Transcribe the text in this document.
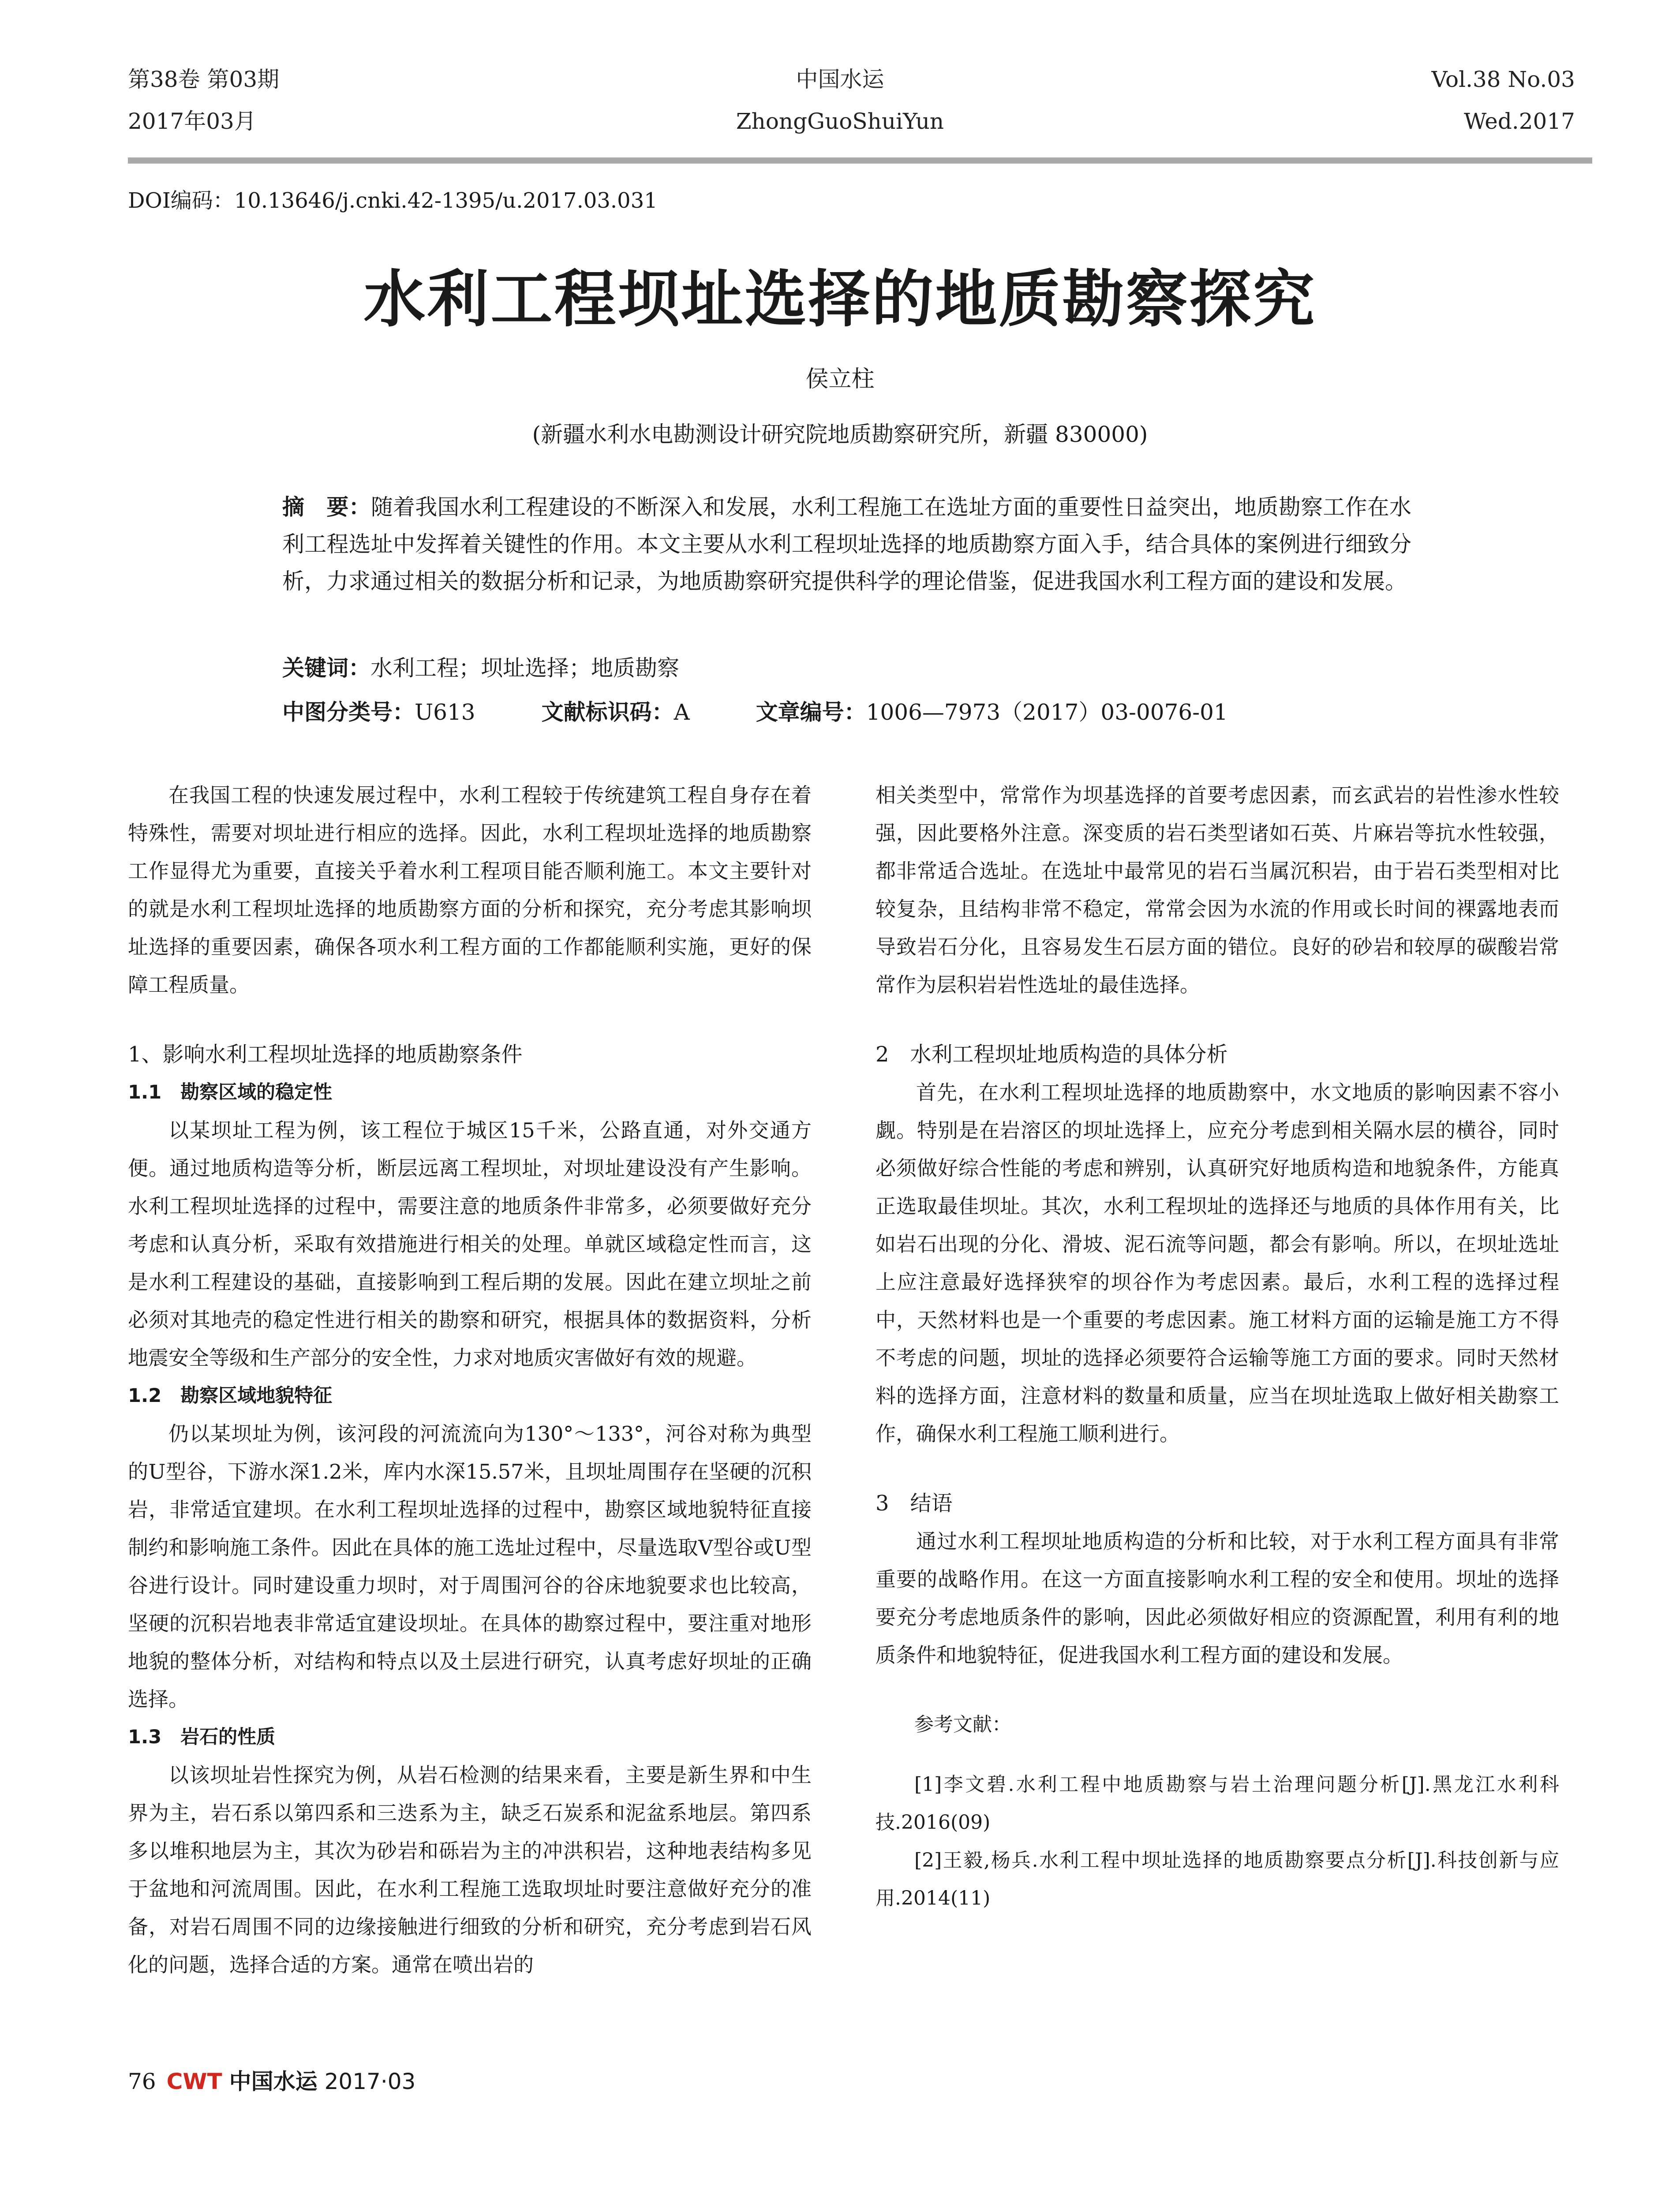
第38卷 第03期
2017年03月
中国水运
ZhongGuoShuiYun
Vol.38 No.03
Wed.2017
DOI编码：10.13646/j.cnki.42-1395/u.2017.03.031
水利工程坝址选择的地质勘察探究
侯立柱
(新疆水利水电勘测设计研究院地质勘察研究所，新疆 830000)
摘　要：随着我国水利工程建设的不断深入和发展，水利工程施工在选址方面的重要性日益突出，地质勘察工作在水利工程选址中发挥着关键性的作用。本文主要从水利工程坝址选择的地质勘察方面入手，结合具体的案例进行细致分析，力求通过相关的数据分析和记录，为地质勘察研究提供科学的理论借鉴，促进我国水利工程方面的建设和发展。
关键词：水利工程；坝址选择；地质勘察
中图分类号：U613	文献标识码：A	文章编号：1006—7973（2017）03-0076-01

在我国工程的快速发展过程中，水利工程较于传统建筑工程自身存在着特殊性，需要对坝址进行相应的选择。因此，水利工程坝址选择的地质勘察工作显得尤为重要，直接关乎着水利工程项目能否顺利施工。本文主要针对的就是水利工程坝址选择的地质勘察方面的分析和探究，充分考虑其影响坝址选择的重要因素，确保各项水利工程方面的工作都能顺利实施，更好的保障工程质量。

1、影响水利工程坝址选择的地质勘察条件

1.1　勘察区域的稳定性

以某坝址工程为例，该工程位于城区15千米，公路直通，对外交通方便。通过地质构造等分析，断层远离工程坝址，对坝址建设没有产生影响。水利工程坝址选择的过程中，需要注意的地质条件非常多，必须要做好充分考虑和认真分析，采取有效措施进行相关的处理。单就区域稳定性而言，这是水利工程建设的基础，直接影响到工程后期的发展。因此在建立坝址之前必须对其地壳的稳定性进行相关的勘察和研究，根据具体的数据资料，分析地震安全等级和生产部分的安全性，力求对地质灾害做好有效的规避。

1.2　勘察区域地貌特征

仍以某坝址为例，该河段的河流流向为130°～133°，河谷对称为典型的U型谷，下游水深1.2米，库内水深15.57米，且坝址周围存在坚硬的沉积岩，非常适宜建坝。在水利工程坝址选择的过程中，勘察区域地貌特征直接制约和影响施工条件。因此在具体的施工选址过程中，尽量选取V型谷或U型谷进行设计。同时建设重力坝时，对于周围河谷的谷床地貌要求也比较高，坚硬的沉积岩地表非常适宜建设坝址。在具体的勘察过程中，要注重对地形地貌的整体分析，对结构和特点以及土层进行研究，认真考虑好坝址的正确选择。

1.3　岩石的性质

以该坝址岩性探究为例，从岩石检测的结果来看，主要是新生界和中生界为主，岩石系以第四系和三迭系为主，缺乏石炭系和泥盆系地层。第四系多以堆积地层为主，其次为砂岩和砾岩为主的冲洪积岩，这种地表结构多见于盆地和河流周围。因此，在水利工程施工选取坝址时要注意做好充分的准备，对岩石周围不同的边缘接触进行细致的分析和研究，充分考虑到岩石风化的问题，选择合适的方案。通常在喷出岩的

相关类型中，常常作为坝基选择的首要考虑因素，而玄武岩的岩性渗水性较强，因此要格外注意。深变质的岩石类型诸如石英、片麻岩等抗水性较强，都非常适合选址。在选址中最常见的岩石当属沉积岩，由于岩石类型相对比较复杂，且结构非常不稳定，常常会因为水流的作用或长时间的裸露地表而导致岩石分化，且容易发生石层方面的错位。良好的砂岩和较厚的碳酸岩常常作为层积岩岩性选址的最佳选择。

2　水利工程坝址地质构造的具体分析

首先，在水利工程坝址选择的地质勘察中，水文地质的影响因素不容小觑。特别是在岩溶区的坝址选择上，应充分考虑到相关隔水层的横谷，同时必须做好综合性能的考虑和辨别，认真研究好地质构造和地貌条件，方能真正选取最佳坝址。其次，水利工程坝址的选择还与地质的具体作用有关，比如岩石出现的分化、滑坡、泥石流等问题，都会有影响。所以，在坝址选址上应注意最好选择狭窄的坝谷作为考虑因素。最后，水利工程的选择过程中，天然材料也是一个重要的考虑因素。施工材料方面的运输是施工方不得不考虑的问题，坝址的选择必须要符合运输等施工方面的要求。同时天然材料的选择方面，注意材料的数量和质量，应当在坝址选取上做好相关勘察工作，确保水利工程施工顺利进行。

3　结语

通过水利工程坝址地质构造的分析和比较，对于水利工程方面具有非常重要的战略作用。在这一方面直接影响水利工程的安全和使用。坝址的选择要充分考虑地质条件的影响，因此必须做好相应的资源配置，利用有利的地质条件和地貌特征，促进我国水利工程方面的建设和发展。

参考文献：

[1]李文碧.水利工程中地质勘察与岩土治理问题分析[J].黑龙江水利科技.2016(09)

[2]王毅,杨兵.水利工程中坝址选择的地质勘察要点分析[J].科技创新与应用.2014(11)

76 CWT 中国水运 2017·03
